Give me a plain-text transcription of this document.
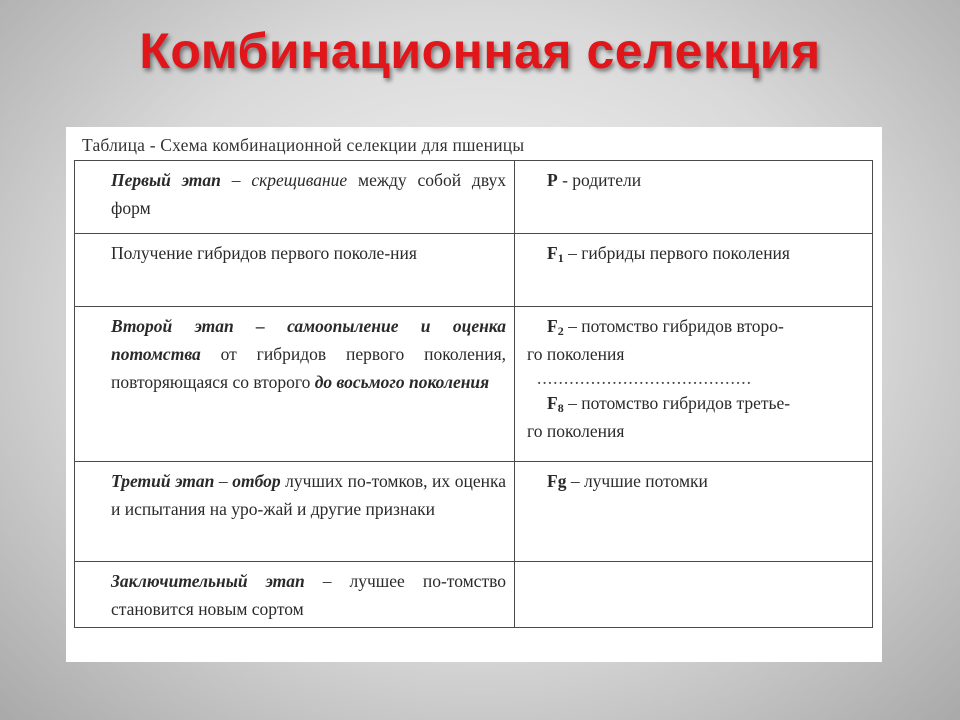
Комбинационная селекция
Таблица - Схема комбинационной селекции для пшеницы
Первый этап – скрещивание между собой двух форм	P - родители

Получение гибридов первого поколе-ния	$F_1$ – гибриды первого поколения

Второй этап – самоопыление и оценка потомства от гибридов первого поколения, повторяющаяся со второго до восьмого поколения	$F_2$ – потомство гибридов второ-
го поколения
........................................
$F_8$ – потомство гибридов третье-
го поколения

Третий этап – отбор лучших по-томков, их оценка и испытания на уро-жай и другие признаки	Fg – лучшие потомки

Заключительный этап – лучшее по-томство становится новым сортом	
